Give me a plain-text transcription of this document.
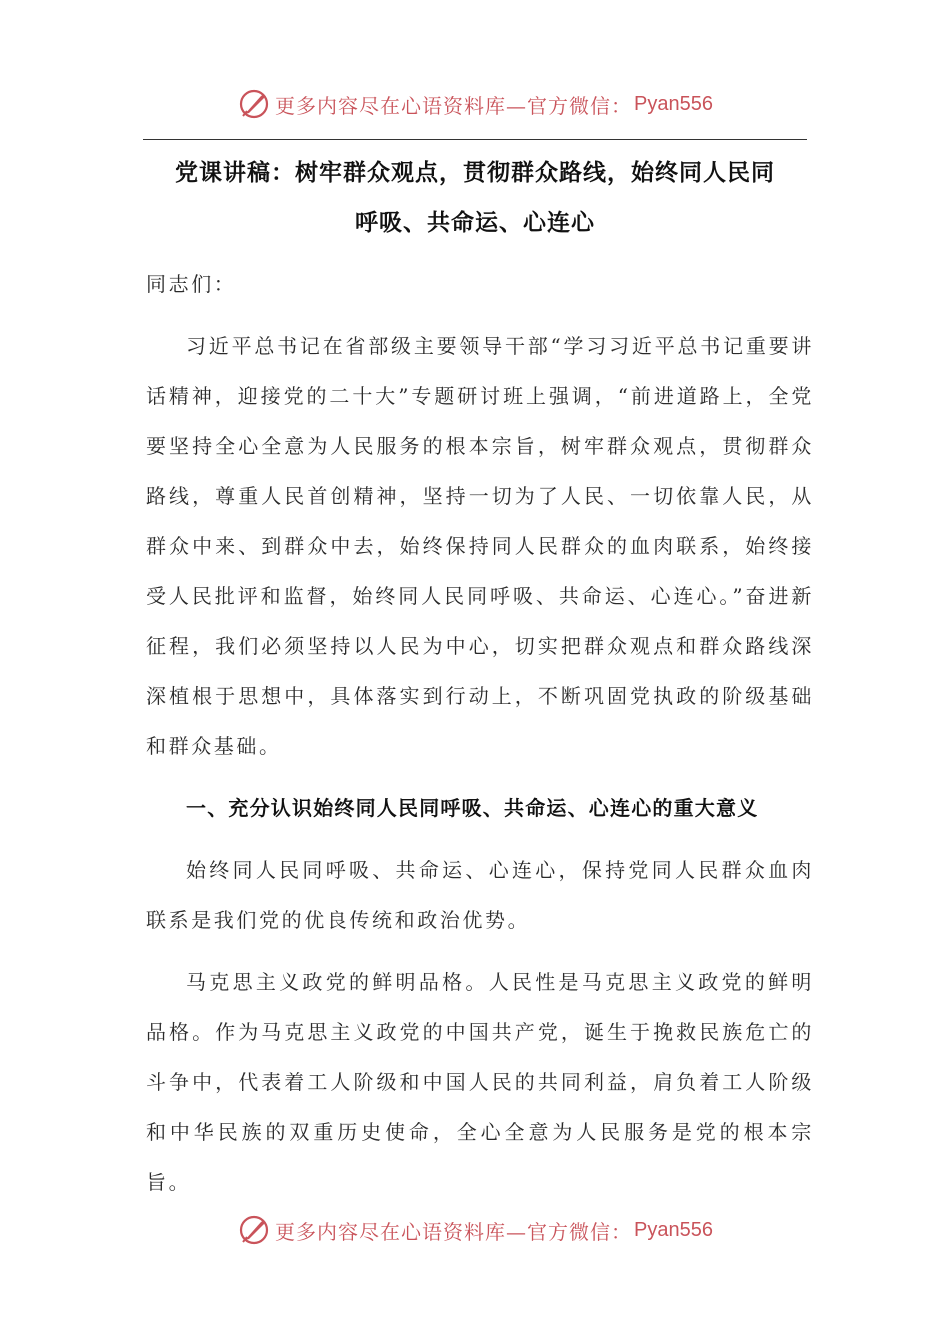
更多内容尽在心语资料库—官方微信： Pyan556
党课讲稿：树牢群众观点，贯彻群众路线，始终同人民同
呼吸、共命运、心连心

同志们：

习近平总书记在省部级主要领导干部“学习习近平总书记重要讲话精神，迎接党的二十大”专题研讨班上强调，“前进道路上，全党要坚持全心全意为人民服务的根本宗旨，树牢群众观点，贯彻群众路线，尊重人民首创精神，坚持一切为了人民、一切依靠人民，从群众中来、到群众中去，始终保持同人民群众的血肉联系，始终接受人民批评和监督，始终同人民同呼吸、共命运、心连心。”奋进新征程，我们必须坚持以人民为中心，切实把群众观点和群众路线深深植根于思想中，具体落实到行动上，不断巩固党执政的阶级基础和群众基础。

一、充分认识始终同人民同呼吸、共命运、心连心的重大意义

始终同人民同呼吸、共命运、心连心，保持党同人民群众血肉联系是我们党的优良传统和政治优势。

马克思主义政党的鲜明品格。人民性是马克思主义政党的鲜明品格。作为马克思主义政党的中国共产党，诞生于挽救民族危亡的斗争中，代表着工人阶级和中国人民的共同利益，肩负着工人阶级和中华民族的双重历史使命，全心全意为人民服务是党的根本宗旨。

更多内容尽在心语资料库—官方微信： Pyan556
